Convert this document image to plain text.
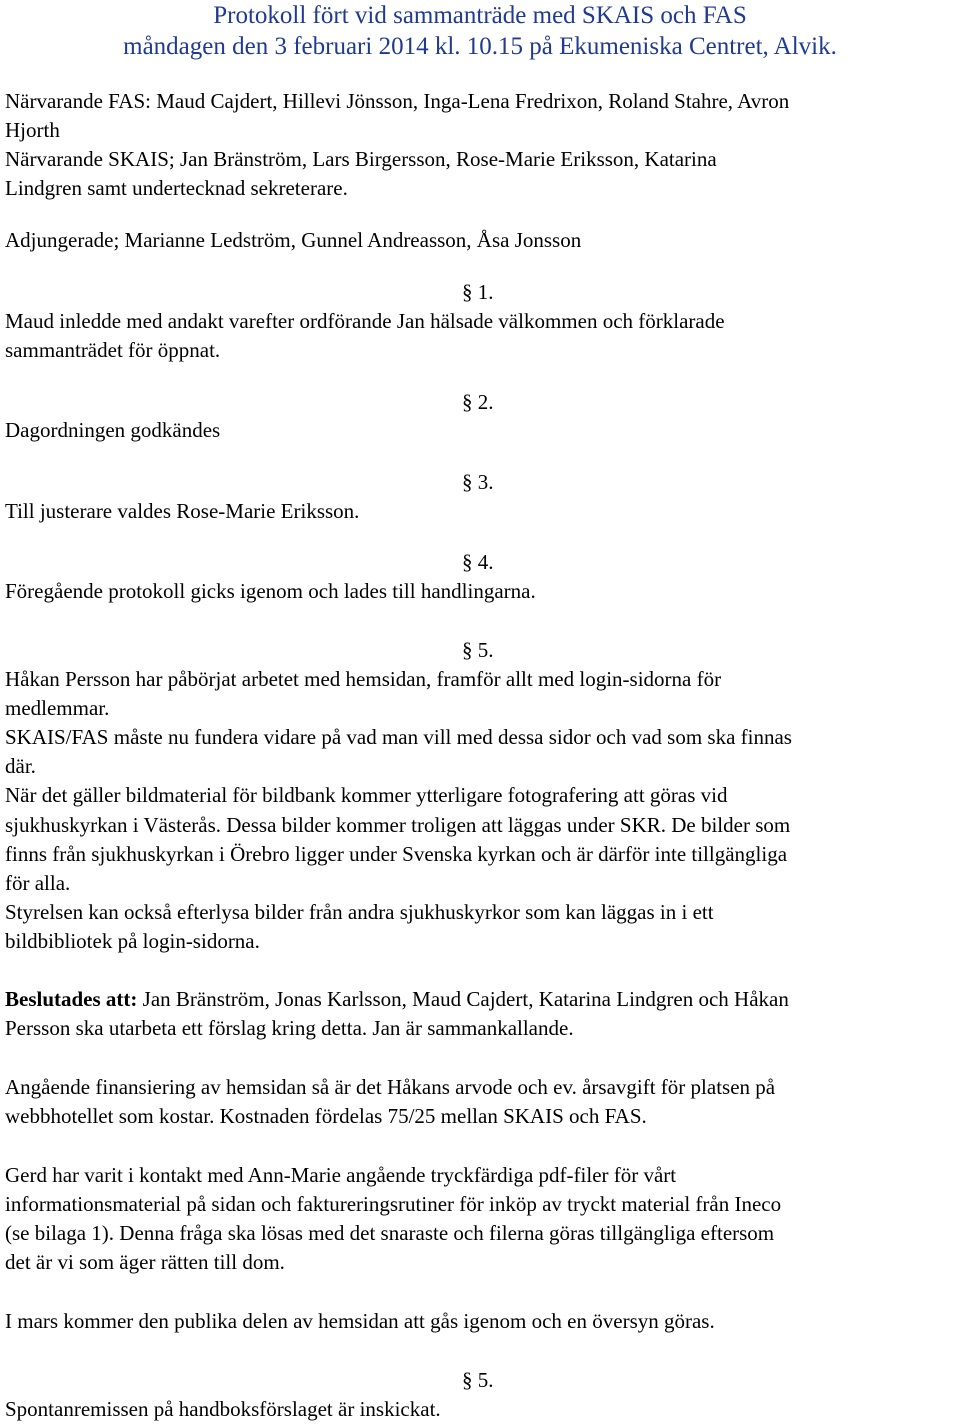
Protokoll fört vid sammanträde med SKAIS och FAS
måndagen den 3 februari 2014 kl. 10.15 på Ekumeniska Centret, Alvik.
Närvarande FAS: Maud Cajdert, Hillevi Jönsson, Inga-Lena Fredrixon, Roland Stahre, Avron
Hjorth
Närvarande SKAIS; Jan Bränström, Lars Birgersson, Rose-Marie Eriksson, Katarina
Lindgren samt undertecknad sekreterare.
Adjungerade; Marianne Ledström, Gunnel Andreasson, Åsa Jonsson
§ 1.
Maud inledde med andakt varefter ordförande Jan hälsade välkommen och förklarade
sammanträdet för öppnat.
§ 2.
Dagordningen godkändes
§ 3.
Till justerare valdes Rose-Marie Eriksson.
§ 4.
Föregående protokoll gicks igenom och lades till handlingarna.
§ 5.
Håkan Persson har påbörjat arbetet med hemsidan, framför allt med login-sidorna för
medlemmar.
SKAIS/FAS måste nu fundera vidare på vad man vill med dessa sidor och vad som ska finnas
där.
När det gäller bildmaterial för bildbank kommer ytterligare fotografering att göras vid
sjukhuskyrkan i Västerås. Dessa bilder kommer troligen att läggas under SKR. De bilder som
finns från sjukhuskyrkan i Örebro ligger under Svenska kyrkan och är därför inte tillgängliga
för alla.
Styrelsen kan också efterlysa bilder från andra sjukhuskyrkor som kan läggas in i ett
bildbibliotek på login-sidorna.
Beslutades att: Jan Bränström, Jonas Karlsson, Maud Cajdert, Katarina Lindgren och Håkan
Persson ska utarbeta ett förslag kring detta. Jan är sammankallande.
Angående finansiering av hemsidan så är det Håkans arvode och ev. årsavgift för platsen på
webbhotellet som kostar. Kostnaden fördelas 75/25 mellan SKAIS och FAS.
Gerd har varit i kontakt med Ann-Marie angående tryckfärdiga pdf-filer för vårt
informationsmaterial på sidan och faktureringsrutiner för inköp av tryckt material från Ineco
(se bilaga 1). Denna fråga ska lösas med det snaraste och filerna göras tillgängliga eftersom
det är vi som äger rätten till dom.
I mars kommer den publika delen av hemsidan att gås igenom och en översyn göras.
§ 5.
Spontanremissen på handboksförslaget är inskickat.
